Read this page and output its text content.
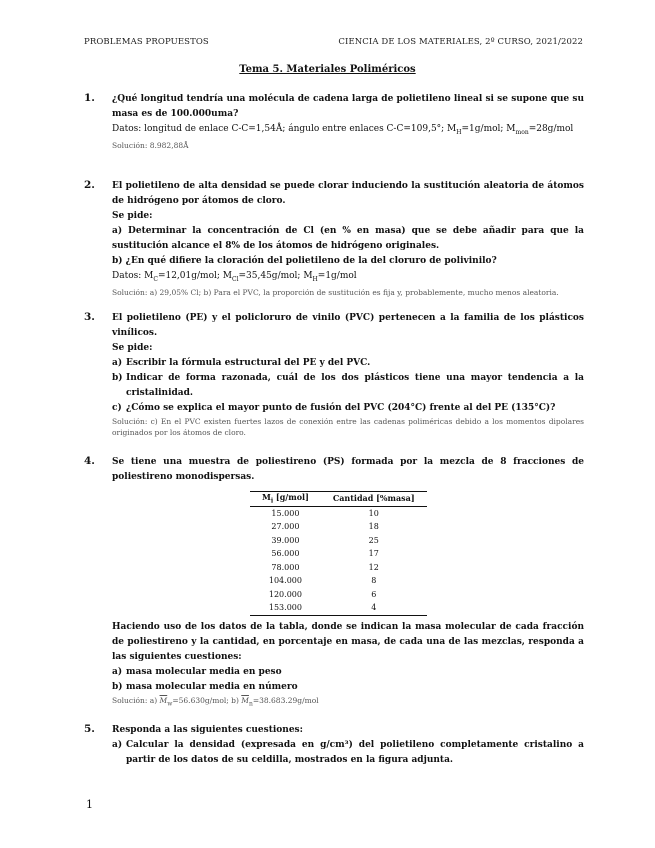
PROBLEMAS PROPUESTOS	CIENCIA DE LOS MATERIALES, 2º CURSO, 2021/2022
Tema 5. Materiales Poliméricos
1. ¿Qué longitud tendría una molécula de cadena larga de polietileno lineal si se supone que su masa es de 100.000uma?

Datos: longitud de enlace C-C=1,54Å; ángulo entre enlaces C-C=109,5°; $M_H=1g$/mol; $M_{mon}=28g$/mol

Solución: 8.982,88Å

2. El polietileno de alta densidad se puede clorar induciendo la sustitución aleatoria de átomos de hidrógeno por átomos de cloro.

Se pide:

a) Determinar la concentración de Cl (en % en masa) que se debe añadir para que la sustitución alcance el 8% de los átomos de hidrógeno originales.

b) ¿En qué difiere la cloración del polietileno de la del cloruro de polivinilo?

Datos: $M_C=12,01g$/mol; $M_{Cl}=35,45g$/mol; $M_H=1g$/mol

Solución: a) 29,05% Cl; b) Para el PVC, la proporción de sustitución es fija y, probablemente, mucho menos aleatoria.

3. El polietileno (PE) y el policloruro de vinilo (PVC) pertenecen a la familia de los plásticos vinílicos.

Se pide:

a) Escribir la fórmula estructural del PE y del PVC.
b) Indicar de forma razonada, cuál de los dos plásticos tiene una mayor tendencia a la cristalinidad.
c) ¿Cómo se explica el mayor punto de fusión del PVC (204°C) frente al del PE (135°C)?

Solución: c) En el PVC existen fuertes lazos de conexión entre las cadenas poliméricas debido a los momentos dipolares originados por los átomos de cloro.

4. Se tiene una muestra de poliestireno (PS) formada por la mezcla de 8 fracciones de poliestireno monodispersas.

$M_i$ [g/mol]	Cantidad [%masa]
15.000	10
27.000	18
39.000	25
56.000	17
78.000	12
104.000	8
120.000	6
153.000	4

Haciendo uso de los datos de la tabla, donde se indican la masa molecular de cada fracción de poliestireno y la cantidad, en porcentaje en masa, de cada una de las mezclas, responda a las siguientes cuestiones:

a) masa molecular media en peso
b) masa molecular media en número

Solución: a) $\overline{M}_w=56.630g$/mol; b) $\overline{M}_n=38.683.29g$/mol

5. Responda a las siguientes cuestiones:

a) Calcular la densidad (expresada en g/cm³) del polietileno completamente cristalino a partir de los datos de su celdilla, mostrados en la figura adjunta.
1
